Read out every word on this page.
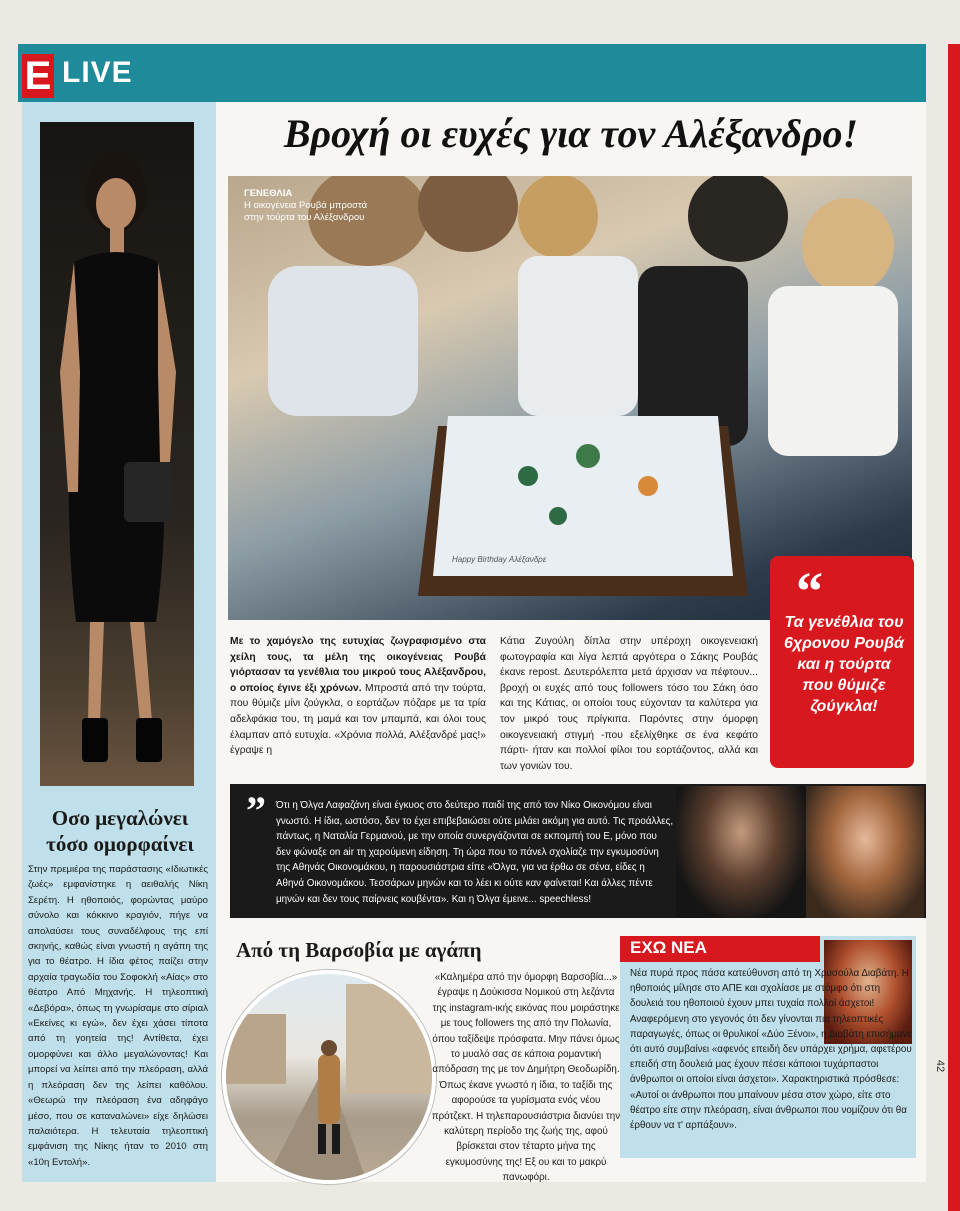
E LIVE
Οσο μεγαλώνει
τόσο ομορφαίνει
Στην πρεμιέρα της παράστασης «Ιδιωτικές ζωές» εμφανίστηκε η αειθαλής Νίκη Σερέτη. Η ηθοποιός, φορώντας μαύρο σύνολο και κόκκινο κραγιόν, πήγε να απολαύσει τους συναδέλφους της επί σκηνής, καθώς είναι γνωστή η αγάπη της για το θέατρο. Η ίδια φέτος παίζει στην αρχαία τραγωδία του Σοφοκλή «Αίας» στο θέατρο Από Μηχανής. Η τηλεοπτική «Δεβόρα», όπως τη γνωρίσαμε στο σίριαλ «Εκείνες κι εγώ», δεν έχει χάσει τίποτα από τη γοητεία της! Αντίθετα, έχει ομορφύνει και άλλο μεγαλώνοντας! Και μπορεί να λείπει από την πλεόραση, αλλά η πλεόραση δεν της λείπει καθόλου. «Θεωρώ την πλεόραση ένα αδηφάγο μέσο, που σε καταναλώνει» είχε δηλώσει παλαιότερα. Η τελευταία τηλεοπτική εμφάνιση της Νίκης ήταν το 2010 στη «10η Εντολή».
Βροχή οι ευχές για τον Αλέξανδρο!
ΓΕΝΕΘΛΙΑ
Η οικογένεια Ρουβά μπροστά στην τούρτα του Αλέξανδρου
Happy Birthday Αλέξανδρε
“
Τα γενέθλια του 6χρονου Ρουβά και η τούρτα που θύμιζε ζούγκλα!
Με το χαμόγελο της ευτυχίας ζωγραφισμένο στα χείλη τους, τα μέλη της οικογένειας Ρουβά γιόρτασαν τα γενέθλια του μικρού τους Αλέξανδρου, ο οποίος έγινε έξι χρόνων. Μπροστά από την τούρτα, που θύμιζε μίνι ζούγκλα, ο εορτάζων πόζαρε με τα τρία αδελφάκια του, τη μαμά και τον μπαμπά, και όλοι τους έλαμπαν από ευτυχία. «Χρόνια πολλά, Αλέξανδρέ μας!» έγραψε η
Κάτια Ζυγούλη δίπλα στην υπέροχη οικογενειακή φωτογραφία και λίγα λεπτά αργότερα ο Σάκης Ρουβάς έκανε repost. Δευτερόλεπτα μετά άρχισαν να πέφτουν... βροχή οι ευχές από τους followers τόσο του Σάκη όσο και της Κάτιας, οι οποίοι τους εύχονταν τα καλύτερα για τον μικρό τους πρίγκιπα. Παρόντες στην όμορφη οικογενειακή στιγμή -που εξελίχθηκε σε ένα κεφάτο πάρτι- ήταν και πολλοί φίλοι του εορτάζοντος, αλλά και των γονιών του.
” Ότι η Όλγα Λαφαζάνη είναι έγκυος στο δεύτερο παιδί της από τον Νίκο Οικονόμου είναι γνωστό. Η ίδια, ωστόσο, δεν το έχει επιβεβαιώσει ούτε μιλάει ακόμη για αυτό. Τις προάλλες, πάντως, η Ναταλία Γερμανού, με την οποία συνεργάζονται σε εκπομπή του Ε, μόνο που δεν φώναξε on air τη χαρούμενη είδηση. Τη ώρα που το πάνελ σχολίαζε την εγκυμοσύνη της Αθηνάς Οικονομάκου, η παρουσιάστρια είπε «Όλγα, για να έρθω σε σένα, είδες η Αθηνά Οικονομάκου. Τεσσάρων μηνών και το λέει κι ούτε καν φαίνεται! Και άλλες πέντε μηνών και δεν τους παίρνεις κουβέντα». Και η Όλγα έμεινε... speechless!
Από τη Βαρσοβία με αγάπη
«Καλημέρα από την όμορφη Βαρσοβία...» έγραψε η Δούκισσα Νομικού στη λεζάντα της instagram-ικής εικόνας που μοιράστηκε με τους followers της από την Πολωνία, όπου ταξίδεψε πρόσφατα. Μην πάνει όμως το μυαλό σας σε κάποια ρομαντική απόδραση της με τον Δημήτρη Θεοδωρίδη. Όπως έκανε γνωστό η ίδια, το ταξίδι της αφορούσε τα γυρίσματα ενός νέου πρότζεκτ. Η τηλεπαρουσιάστρια διανύει την καλύτερη περίοδο της ζωής της, αφού βρίσκεται στον τέταρτο μήνα της εγκυμοσύνης της! Εξ ου και το μακρύ πανωφόρι.
ΕΧΩ ΝΕΑ
Νέα πυρά προς πάσα κατεύθυνση από τη Χρυσούλα Διαβάτη. Η ηθοποιός μίλησε στο ΑΠΕ και σχολίασε με στόμφο ότι στη δουλειά του ηθοποιού έχουν μπει τυχαία πολλοί άσχετοι! Αναφερόμενη στο γεγονός ότι δεν γίνονται πια τηλεοπτικές παραγωγές, όπως οι θρυλικοί «Δύο Ξένοι», η Διαβάτη επισήμανε ότι αυτό συμβαίνει «αφενός επειδή δεν υπάρχει χρήμα, αφετέρου επειδή στη δουλειά μας έχουν πέσει κάποιοι τυχάρπαστοι άνθρωποι οι οποίοι είναι άσχετοι». Χαρακτηριστικά πρόσθεσε: «Αυτοί οι άνθρωποι που μπαίνουν μέσα στον χώρο, είτε στο θέατρο είτε στην πλεόραση, είναι άνθρωποι που νομίζουν ότι θα έρθουν να τ' αρπάξουν».
42
